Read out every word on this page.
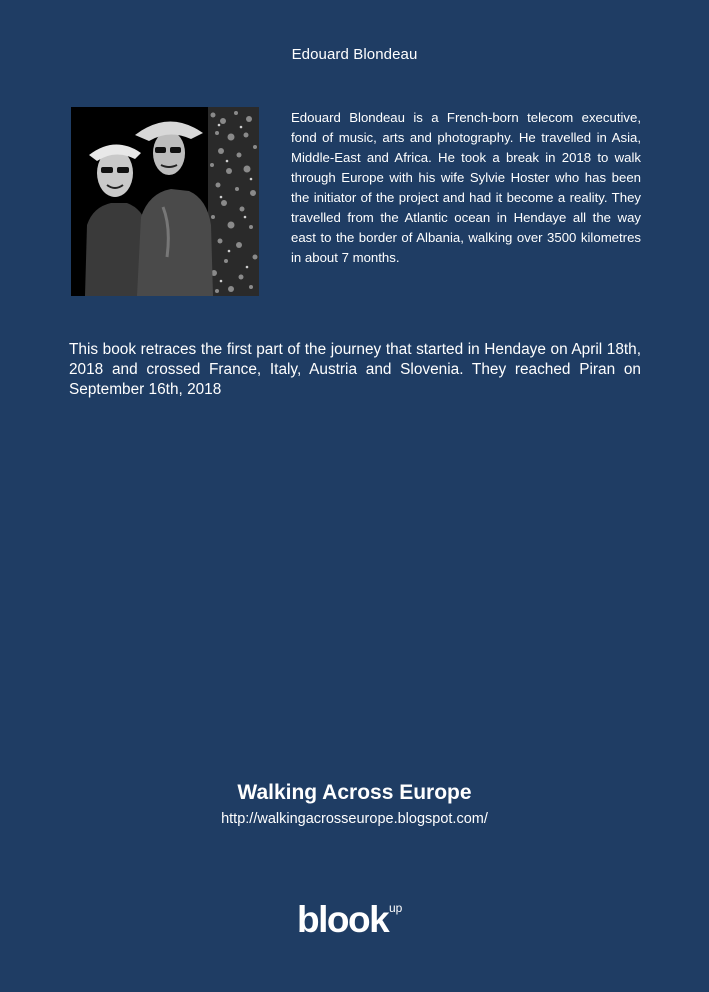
Edouard Blondeau

Edouard Blondeau is a French-born telecom executive, fond of music, arts and photography. He travelled in Asia, Middle-East and Africa. He took a break in 2018 to walk through Europe with his wife Sylvie Hoster who has been the initiator of the project and had it become a reality. They travelled from the Atlantic ocean in Hendaye all the way east to the border of Albania, walking over 3500 kilometres in about 7 months.

This book retraces the first part of the journey that started in Hendaye on April 18th, 2018 and crossed France, Italy, Austria and Slovenia. They reached Piran on September 16th, 2018

Walking Across Europe
http://walkingacrosseurope.blogspot.com/
blook up
